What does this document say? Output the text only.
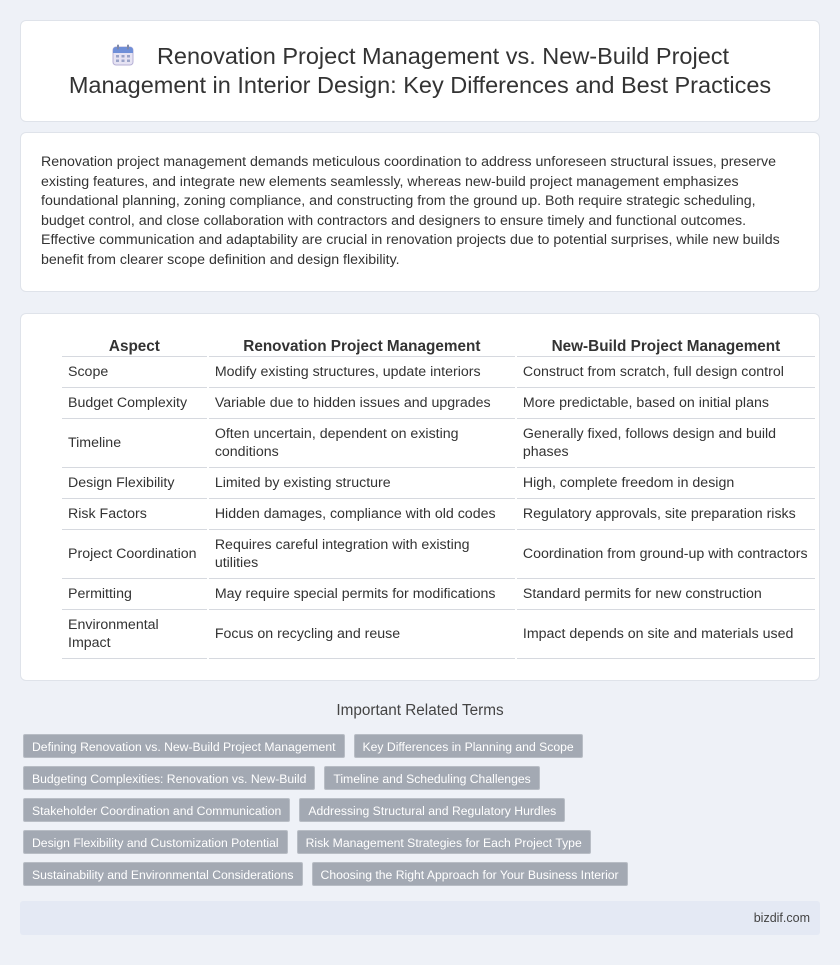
Renovation Project Management vs. New-Build Project Management in Interior Design: Key Differences and Best Practices

Renovation project management demands meticulous coordination to address unforeseen structural issues, preserve existing features, and integrate new elements seamlessly, whereas new-build project management emphasizes foundational planning, zoning compliance, and constructing from the ground up. Both require strategic scheduling, budget control, and close collaboration with contractors and designers to ensure timely and functional outcomes. Effective communication and adaptability are crucial in renovation projects due to potential surprises, while new builds benefit from clearer scope definition and design flexibility.

Aspect	Renovation Project Management	New-Build Project Management
Scope	Modify existing structures, update interiors	Construct from scratch, full design control
Budget Complexity	Variable due to hidden issues and upgrades	More predictable, based on initial plans
Timeline	Often uncertain, dependent on existing conditions	Generally fixed, follows design and build phases
Design Flexibility	Limited by existing structure	High, complete freedom in design
Risk Factors	Hidden damages, compliance with old codes	Regulatory approvals, site preparation risks
Project Coordination	Requires careful integration with existing utilities	Coordination from ground-up with contractors
Permitting	May require special permits for modifications	Standard permits for new construction
Environmental Impact	Focus on recycling and reuse	Impact depends on site and materials used
Important Related Terms
Defining Renovation vs. New-Build Project Management	Key Differences in Planning and Scope
Budgeting Complexities: Renovation vs. New-Build	Timeline and Scheduling Challenges
Stakeholder Coordination and Communication	Addressing Structural and Regulatory Hurdles
Design Flexibility and Customization Potential	Risk Management Strategies for Each Project Type
Sustainability and Environmental Considerations	Choosing the Right Approach for Your Business Interior
bizdif.com
